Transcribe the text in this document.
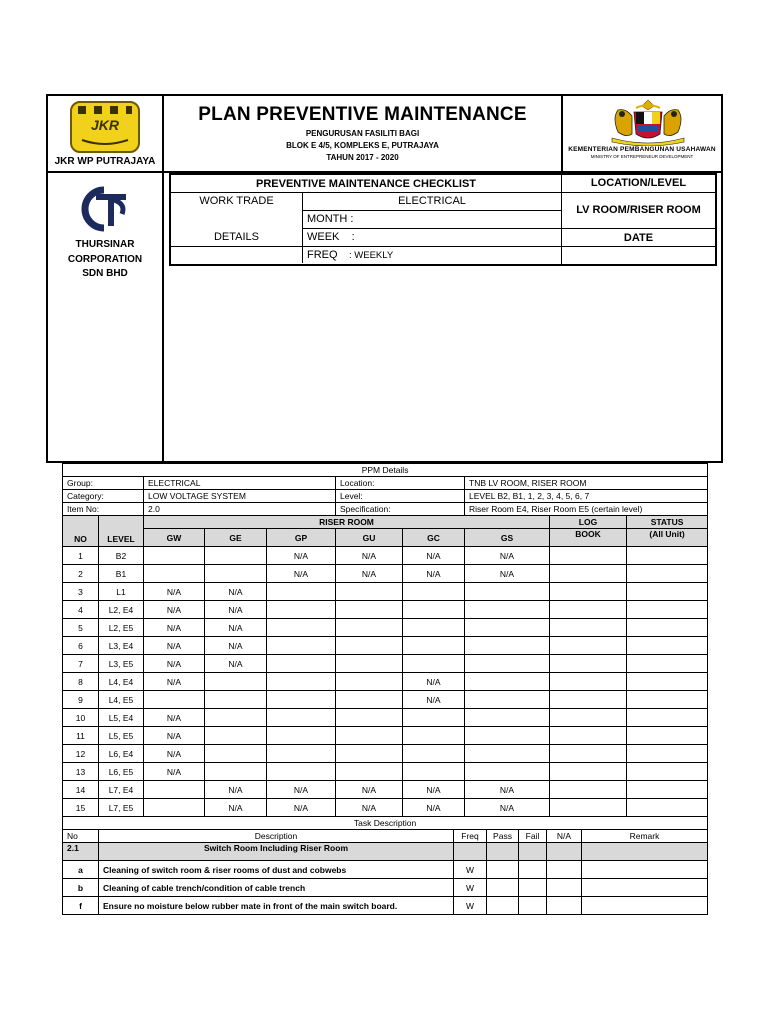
JKR
JKR WP PUTRAJAYA
PLAN PREVENTIVE MAINTENANCE
PENGURUSAN FASILITI BAGI
BLOK E 4/5, KOMPLEKS E, PUTRAJAYA
TAHUN 2017 - 2020
KEMENTERIAN PEMBANGUNAN USAHAWAN
MINISTRY OF ENTREPRENEUR DEVELOPMENT
THURSINAR
CORPORATION
SDN BHD
PREVENTIVE MAINTENANCE CHECKLIST	LOCATION/LEVEL
WORK TRADE	ELECTRICAL
LV ROOM/RISER ROOM
DETAILS
MONTH :
WEEK    :	DATE
FREQ : WEEKLY
PPM Details									
Group:		ELECTRICAL			Location:		TNB LV ROOM, RISER ROOM		
Category:		LOW VOLTAGE SYSTEM			Level:		LEVEL B2, B1, 1, 2, 3, 4, 5, 6, 7		
Item No:		2.0			Specification:		Riser Room E4, Riser Room E5 (certain level)		
NO	LEVEL	RISER ROOM						LOG	STATUS
		GW	GE	GP	GU	GC	GS	BOOK	(All Unit)
1	B2			N/A	N/A	N/A	N/A		
2	B1			N/A	N/A	N/A	N/A		
3	L1	N/A	N/A						
4	L2, E4	N/A	N/A						
5	L2, E5	N/A	N/A						
6	L3, E4	N/A	N/A						
7	L3, E5	N/A	N/A						
8	L4, E4	N/A				N/A			
9	L4, E5					N/A			
10	L5, E4	N/A							
11	L5, E5	N/A							
12	L6, E4	N/A							
13	L6, E5	N/A							
14	L7, E4		N/A	N/A	N/A	N/A	N/A		
15	L7, E5		N/A	N/A	N/A	N/A	N/A		
Task Description									
No	Description	Freq	Pass	Fail	N/A	Remark
2.1	Switch Room Including Riser Room					
a	Cleaning of switch room & riser rooms of dust and cobwebs	W				
b	Cleaning of cable trench/condition of cable trench	W				
f	Ensure no moisture below rubber mate in front of the main switch board.	W				
